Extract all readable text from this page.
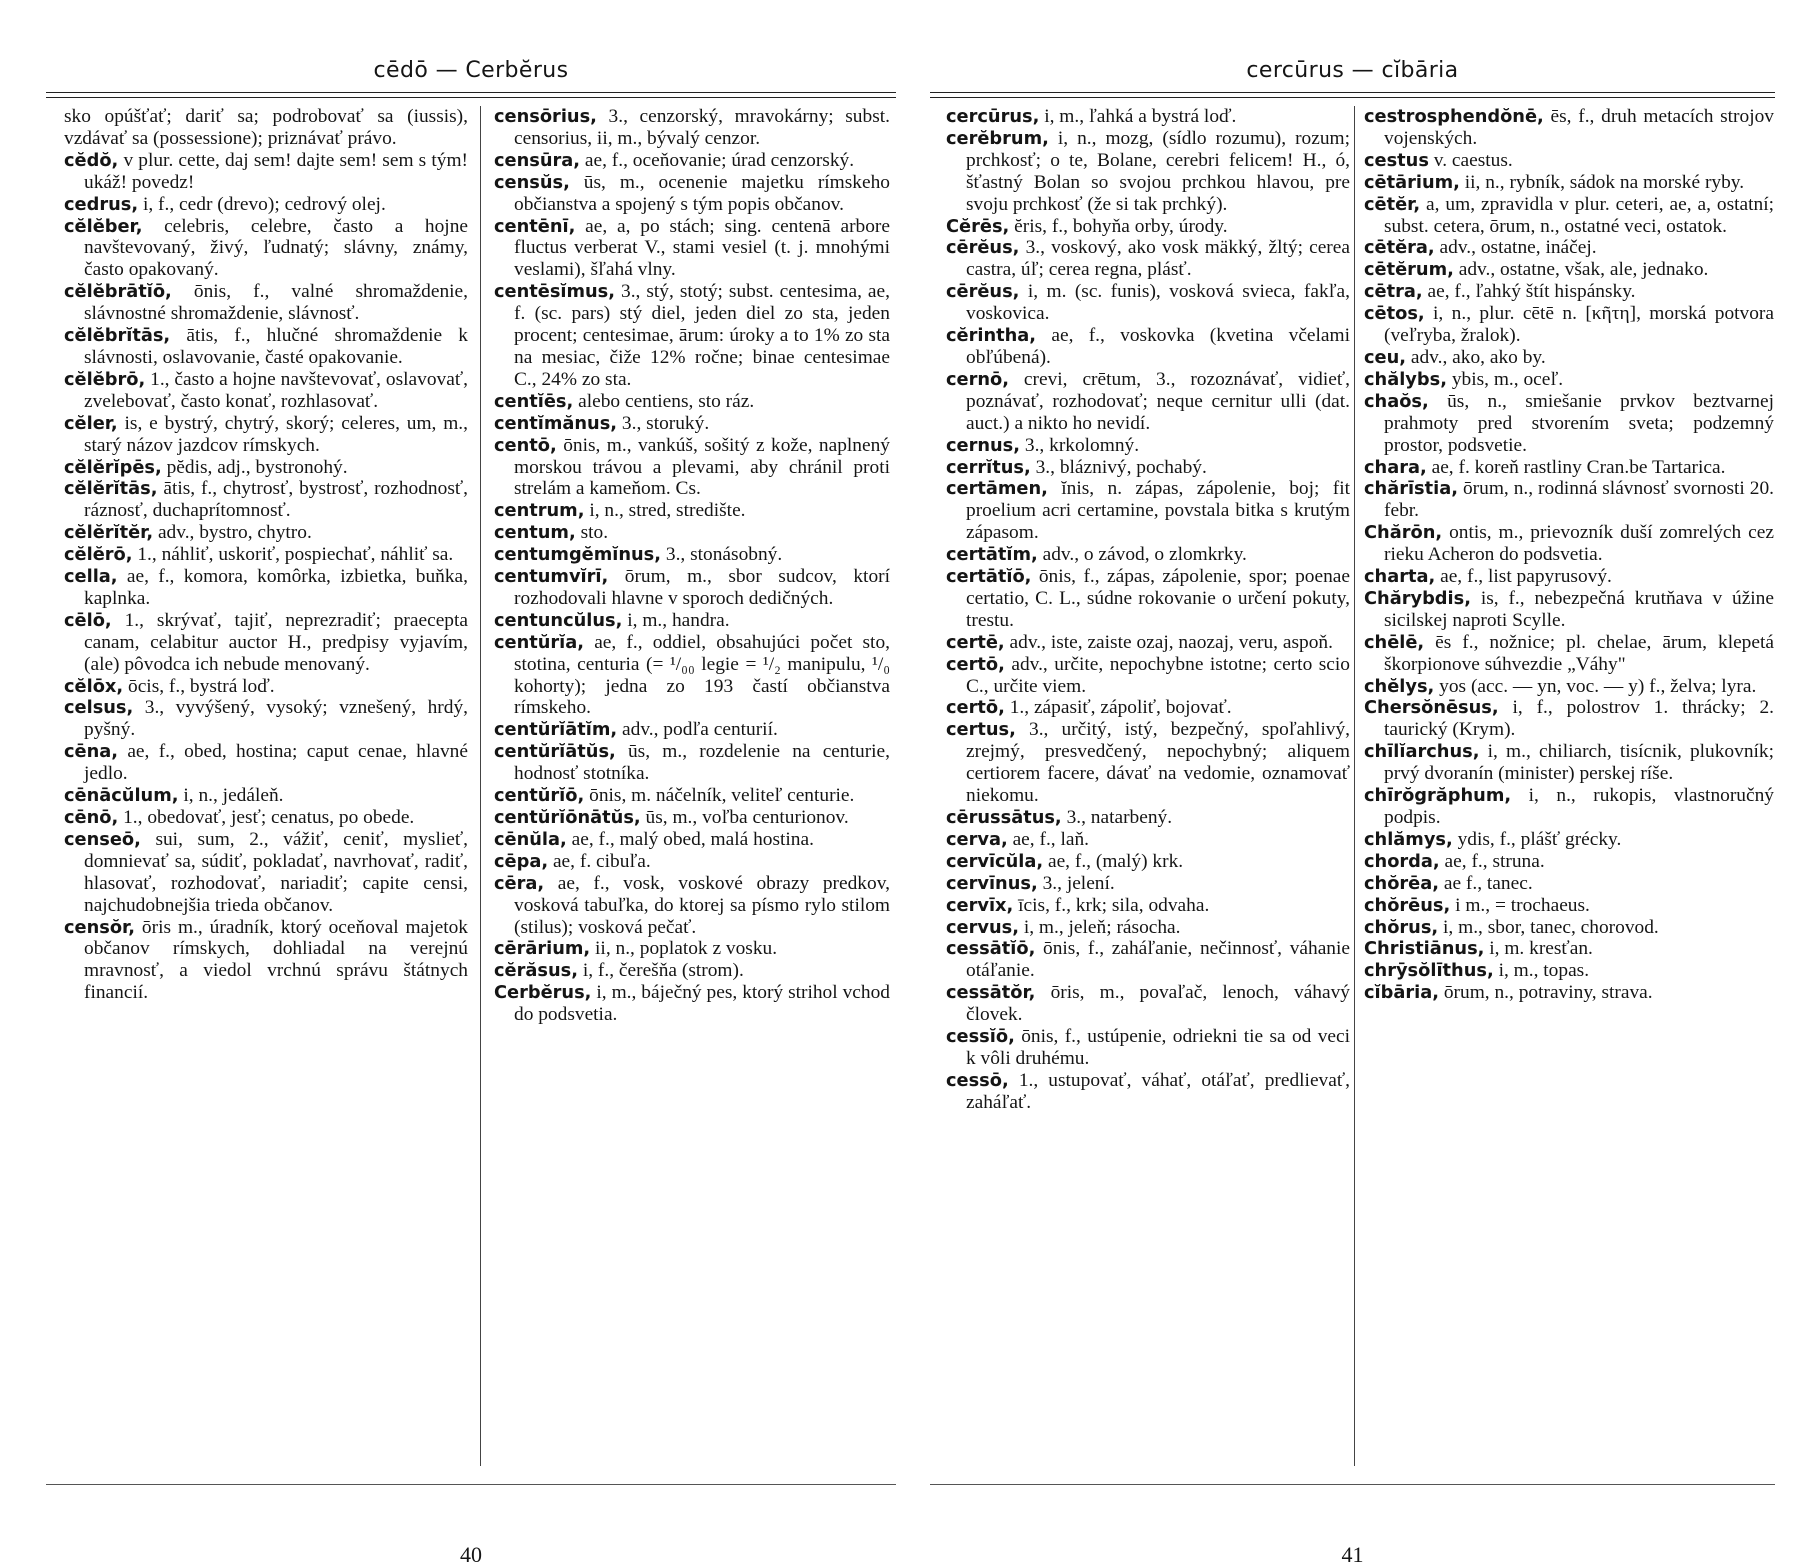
cēdō — Cerbĕrus

sko opúšťať; dariť sa; podrobovať sa (iussis), vzdávať sa (possessione); priznávať právo.

cĕdŏ, v plur. cette, daj sem! dajte sem! sem s tým! ukáž! povedz!

cedrus, i, f., cedr (drevo); cedrový olej.

cĕlĕber, celebris, celebre, často a hojne navštevovaný, živý, ľudnatý; slávny, známy, často opakovaný.

cĕlĕbrātĭō, ōnis, f., valné shromaždenie, slávnostné shromaždenie, slávnosť.

cĕlĕbrĭtās, ātis, f., hlučné shromaždenie k slávnosti, oslavovanie, časté opakovanie.

cĕlĕbrō, 1., často a hojne navštevovať, oslavovať, zvelebovať, často konať, rozhlasovať.

cĕler, is, e bystrý, chytrý, skorý; celeres, um, m., starý názov jazdcov rímskych.

cĕlĕrĭpēs, pĕdis, adj., bystronohý.

cĕlĕrĭtās, ātis, f., chytrosť, bystrosť, rozhodnosť, ráznosť, duchaprítomnosť.

cĕlĕrĭtĕr, adv., bystro, chytro.

cĕlĕrō, 1., náhliť, uskoriť, pospiechať, náhliť sa.

cella, ae, f., komora, komôrka, izbietka, buňka, kaplnka.

cēlō, 1., skrývať, tajiť, neprezradiť; praecepta canam, celabitur auctor H., predpisy vyjavím, (ale) pôvodca ich nebude menovaný.

cĕlōx, ōcis, f., bystrá loď.

celsus, 3., vyvýšený, vysoký; vznešený, hrdý, pyšný.

cēna, ae, f., obed, hostina; caput cenae, hlavné jedlo.

cēnācŭlum, i, n., jedáleň.

cēnō, 1., obedovať, jesť; cenatus, po obede.

censeō, sui, sum, 2., vážiť, ceniť, myslieť, domnievať sa, súdiť, pokladať, navrhovať, radiť, hlasovať, rozhodovať, nariadiť; capite censi, najchudobnejšia trieda občanov.

censŏr, ōris m., úradník, ktorý oceňoval majetok občanov rímskych, dohliadal na verejnú mravnosť, a viedol vrchnú správu štátnych financií.

censōrius, 3., cenzorský, mravokárny; subst. censorius, ii, m., bývalý cenzor.

censūra, ae, f., oceňovanie; úrad cenzorský.

censŭs, ūs, m., ocenenie majetku rímskeho občianstva a spojený s tým popis občanov.

centēnī, ae, a, po stách; sing. centenā arbore fluctus verberat V., stami vesiel (t. j. mnohými veslami), šľahá vlny.

centēsĭmus, 3., stý, stotý; subst. centesima, ae, f. (sc. pars) stý diel, jeden diel zo sta, jeden procent; centesimae, ārum: úroky a to 1% zo sta na mesiac, čiže 12% ročne; binae centesimae C., 24% zo sta.

centĭēs, alebo centiens, sto ráz.

centĭmănus, 3., storuký.

centō, ōnis, m., vankúš, sošitý z kože, naplnený morskou trávou a plevami, aby chránil proti strelám a kameňom. Cs.

centrum, i, n., stred, stredište.

centum, sto.

centumgĕmĭnus, 3., stonásobný.

centumvĭrī, ōrum, m., sbor sudcov, ktorí rozhodovali hlavne v sporoch dedičných.

centuncŭlus, i, m., handra.

centŭrĭa, ae, f., oddiel, obsahujúci počet sto, stotina, centuria (= ¹/₀₀ legie = ¹/₂ manipulu, ¹/₀ kohorty); jedna zo 193 častí občianstva rímskeho.

centŭrĭātĭm, adv., podľa centurií.

centŭrĭātŭs, ūs, m., rozdelenie na centurie, hodnosť stotníka.

centŭrĭō, ōnis, m. náčelník, veliteľ centurie.

centŭrĭōnātŭs, ūs, m., voľba centurionov.

cēnŭla, ae, f., malý obed, malá hostina.

cēpa, ae, f. cibuľa.

cēra, ae, f., vosk, voskové obrazy predkov, vosková tabuľka, do ktorej sa písmo rylo stilom (stilus); vosková pečať.

cērārium, ii, n., poplatok z vosku.

cĕrăsus, i, f., čerešňa (strom).

Cerbĕrus, i, m., báječný pes, ktorý strihol vchod do podsvetia.

40
cercūrus — cĭbāria

cercūrus, i, m., ľahká a bystrá loď.

cerĕbrum, i, n., mozg, (sídlo rozumu), rozum; prchkosť; o te, Bolane, cerebri felicem! H., ó, šťastný Bolan so svojou prchkou hlavou, pre svoju prchkosť (že si tak prchký).

Cĕrēs, ĕris, f., bohyňa orby, úrody.

cērĕus, 3., voskový, ako vosk mäkký, žltý; cerea castra, úľ; cerea regna, plásť.

cērĕus, i, m. (sc. funis), vosková svieca, fakľa, voskovica.

cĕrinthа, ae, f., voskovka (kvetina včelami obľúbená).

cernō, crevi, crētum, 3., rozoznávať, vidieť, poznávať, rozhodovať; neque cernitur ulli (dat. auct.) a nikto ho nevidí.

cernus, 3., krkolomný.

cerrĭtus, 3., bláznivý, pochabý.

certāmen, ĭnis, n. zápas, zápolenie, boj; fit proelium acri certamine, povstala bitka s krutým zápasom.

certātĭm, adv., o závod, o zlomkrky.

certātĭō, ōnis, f., zápas, zápolenie, spor; poenae certatio, C. L., súdne rokovanie o určení pokuty, trestu.

certē, adv., iste, zaiste ozaj, naozaj, veru, aspoň.

certō, adv., určite, nepochybne istotne; certo scio C., určite viem.

certō, 1., zápasiť, zápoliť, bojovať.

certus, 3., určitý, istý, bezpečný, spoľahlivý, zrejmý, presvedčený, nepochybný; aliquem certiorem facere, dávať na vedomie, oznamovať niekomu.

cērussātus, 3., natarbený.

cerva, ae, f., laň.

cervīcŭla, ae, f., (malý) krk.

cervīnus, 3., jelení.

cervīx, īcis, f., krk; sila, odvaha.

cervus, i, m., jeleň; rásocha.

cessātĭō, ōnis, f., zaháľanie, nečinnosť, váhanie otáľanie.

cessātŏr, ōris, m., povaľač, lenoch, váhavý človek.

cessĭō, ōnis, f., ustúpenie, odriekni tie sa od veci k vôli druhému.

cessō, 1., ustupovať, váhať, otáľať, predlievať, zaháľať.

cestrosphendŏnē, ēs, f., druh metacích strojov vojenských.

cestus v. caestus.

cētārium, ii, n., rybník, sádok na morské ryby.

cētĕr, a, um, zpravidla v plur. ceteri, ae, a, ostatní; subst. cetera, ōrum, n., ostatné veci, ostatok.

cētĕra, adv., ostatne, ináčej.

cētĕrum, adv., ostatne, však, ale, jednako.

cētra, ae, f., ľahký štít hispánsky.

cētos, i, n., plur. cētē n. [κῆτη], morská potvora (veľryba, žralok).

ceu, adv., ako, ako by.

chălybs, ybis, m., oceľ.

chaŏs, ūs, n., smiešanie prvkov beztvarnej prahmoty pred stvorením sveta; podzemný prostor, podsvetie.

chara, ae, f. koreň rastliny Cran.be Tartarica.

chărīstia, ōrum, n., rodinná slávnosť svornosti 20. febr.

Chărōn, ontis, m., prievozník duší zomrelých cez rieku Acheron do podsvetia.

charta, ae, f., list papyrusový.

Chărybdis, is, f., nebezpečná krutňava v úžine sicilskej naproti Scylle.

chēlē, ēs f., nožnice; pl. chelae, ārum, klepetá škorpionove súhvezdie „Váhy"

chĕlys, yos (acc. — yn, voc. — y) f., želva; lyra.

Chersŏnēsus, i, f., polostrov 1. thrácky; 2. taurický (Krym).

chīlĭarchus, i, m., chiliarch, tisícnik, plukovník; prvý dvoranín (minister) perskej ríše.

chīrŏgrăphum, i, n., rukopis, vlastnoručný podpis.

chlămys, ydis, f., plášť grécky.

chorda, ae, f., struna.

chŏrēa, ae f., tanec.

chŏrēus, i m., = trochaeus.

chŏrus, i, m., sbor, tanec, chorovod.

Christiānus, i, m. kresťan.

chrȳsŏlīthus, i, m., topas.

cĭbāria, ōrum, n., potraviny, strava.

41
